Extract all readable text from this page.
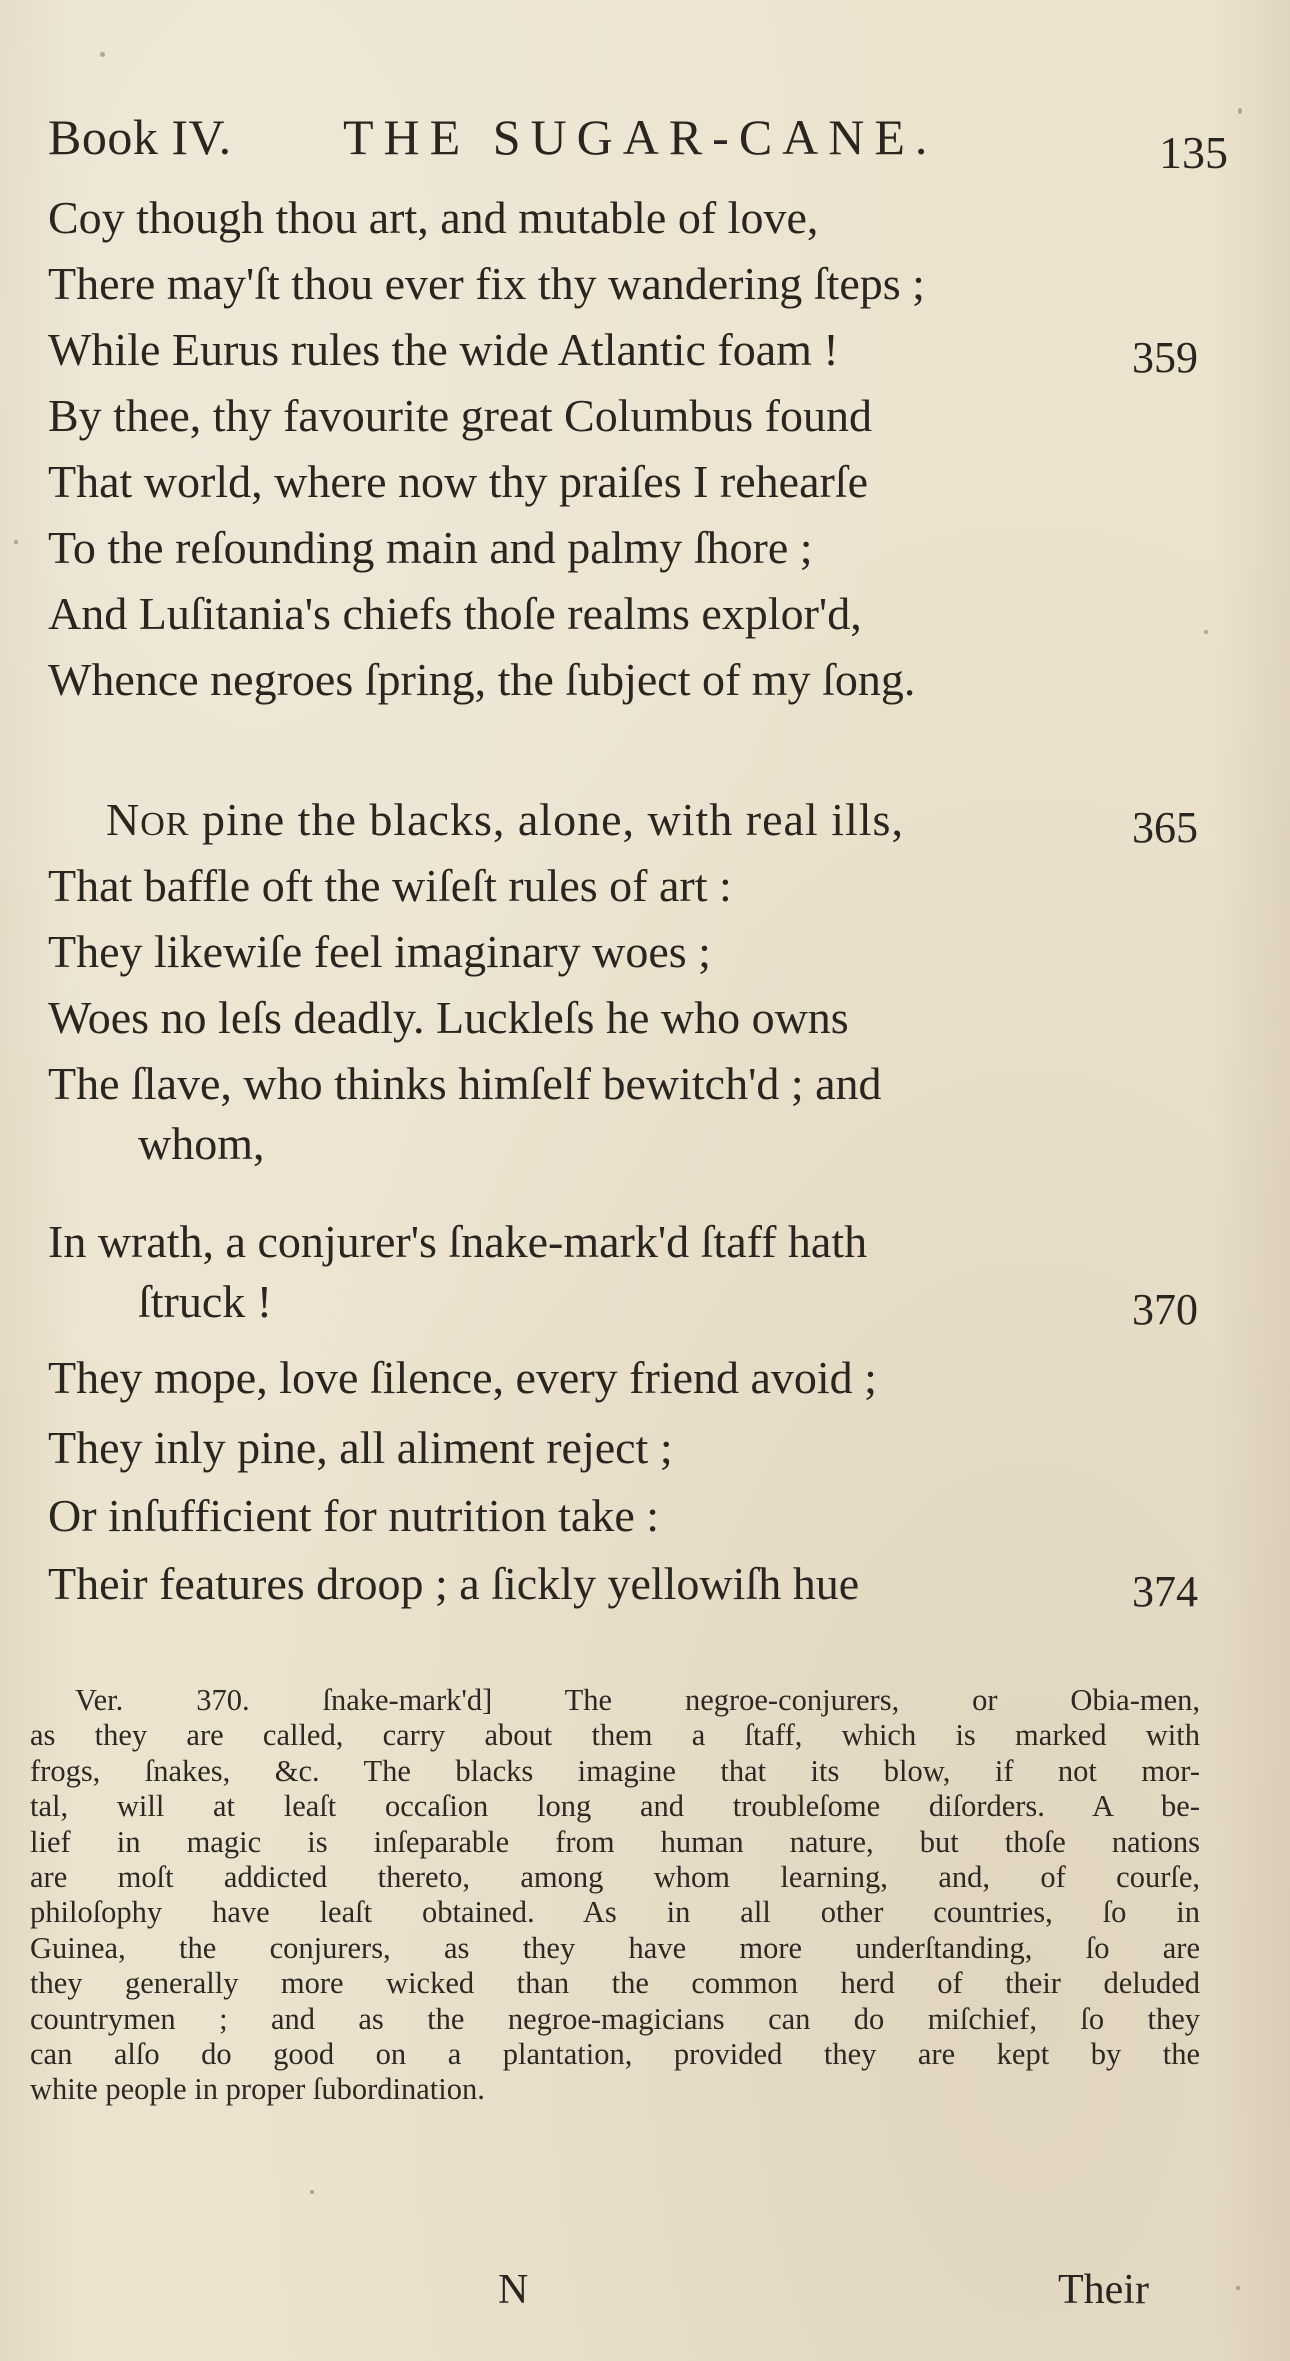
Book IV. THE SUGAR-CANE.	135
Coy though thou art, and mutable of love,
There may'ſt thou ever fix thy wandering ſteps ;
While Eurus rules the wide Atlantic foam !	359
By thee, thy favourite great Columbus found
That world, where now thy praiſes I rehearſe
To the reſounding main and palmy ſhore ;
And Luſitania's chiefs thoſe realms explor'd,
Whence negroes ſpring, the ſubject of my ſong.
NOR pine the blacks, alone, with real ills,	365
That baffle oft the wiſeſt rules of art :
They likewiſe feel imaginary woes ;
Woes no leſs deadly. Luckleſs he who owns
The ſlave, who thinks himſelf bewitch'd ; and
whom,
In wrath, a conjurer's ſnake-mark'd ſtaff hath
ſtruck !	370
They mope, love ſilence, every friend avoid ;
They inly pine, all aliment reject ;
Or inſufficient for nutrition take :
Their features droop ; a ſickly yellowiſh hue	374
Ver. 370. ſnake-mark'd] The negroe-conjurers, or Obia-men,
as they are called, carry about them a ſtaff, which is marked with
frogs, ſnakes, &c. The blacks imagine that its blow, if not mor-
tal, will at leaſt occaſion long and troubleſome diſorders. A be-
lief in magic is inſeparable from human nature, but thoſe nations
are moſt addicted thereto, among whom learning, and, of courſe,
philoſophy have leaſt obtained. As in all other countries, ſo in
Guinea, the conjurers, as they have more underſtanding, ſo are
they generally more wicked than the common herd of their deluded
countrymen ; and as the negroe-magicians can do miſchief, ſo they
can alſo do good on a plantation, provided they are kept by the
white people in proper ſubordination.
N	Their
